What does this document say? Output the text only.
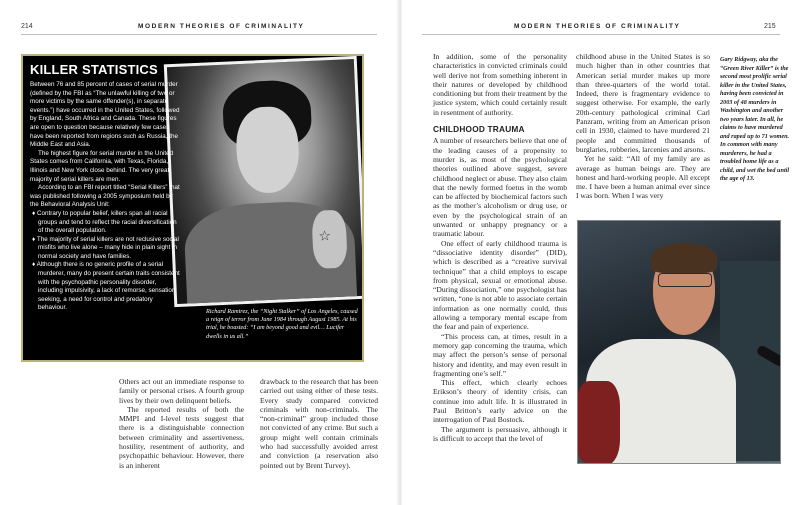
214	MODERN THEORIES OF CRIMINALITY
☆
KILLER STATISTICS

Between 76 and 85 percent of cases of serial murder (defined by the FBI as “The unlawful killing of two or more victims by the same offender(s), in separate events.”) have occurred in the United States, followed by England, South Africa and Canada. These figures are open to question because relatively few cases have been reported from regions such as Russia, the Middle East and Asia.

The highest figure for serial murder in the United States comes from California, with Texas, Florida, Illinois and New York close behind. The very great majority of serial killers are men.

According to an FBI report titled “Serial Killers” that was published following a 2005 symposium held by the Behavioral Analysis Unit:

♦ Contrary to popular belief, killers span all racial groups and tend to reflect the racial diversification of the overall population.

♦ The majority of serial killers are not reclusive social misfits who live alone – many hide in plain sight in normal society and have families.

♦ Although there is no generic profile of a serial murderer, many do present certain traits consistent with the psychopathic personality disorder, including impulsivity, a lack of remorse, sensation seeking, a need for control and predatory behaviour.

Richard Ramirez, the “Night Stalker” of Los Angeles, caused a reign of terror from June 1984 through August 1985. At his trial, he boasted: “I am beyond good and evil… Lucifer dwells in us all.”

Others act out an immediate response to family or personal crises. A fourth group lives by their own delinquent beliefs.

The reported results of both the MMPI and I-level tests suggest that there is a distinguishable connection between criminality and assertiveness, hostility, resentment of authority, and psychopathic behaviour. However, there is an inherent

drawback to the research that has been carried out using either of these tests. Every study compared convicted criminals with non-criminals. The “non-criminal” group included those not convicted of any crime. But such a group might well contain criminals who had successfully avoided arrest and conviction (a reservation also pointed out by Brent Turvey).

MODERN THEORIES OF CRIMINALITY	215

In addition, some of the personality characteristics in convicted criminals could well derive not from something inherent in their natures or developed by childhood conditioning but from their treatment by the justice system, which could certainly result in resentment of authority.

CHILDHOOD TRAUMA

A number of researchers believe that one of the leading causes of a propensity to murder is, as most of the psychological theories outlined above suggest, severe childhood neglect or abuse. They also claim that the newly formed foetus in the womb can be affected by biochemical factors such as the mother’s alcoholism or drug use, or even by the psychological strain of an unwanted or unhappy pregnancy or a traumatic labour.

One effect of early childhood trauma is “dissociative identity disorder” (DID), which is described as a “creative survival technique” that a child employs to escape from physical, sexual or emotional abuse. “During dissociation,” one psychologist has written, “one is not able to associate certain information as one normally could, thus allowing a temporary mental escape from the fear and pain of experience.

“This process can, at times, result in a memory gap concerning the trauma, which may affect the person’s sense of personal history and identity, and may even result in fragmenting one’s self.”

This effect, which clearly echoes Erikson’s theory of identity crisis, can continue into adult life. It is illustrated in Paul Britton’s early advice on the interrogation of Paul Bostock.

The argument is persuasive, although it is difficult to accept that the level of

childhood abuse in the United States is so much higher than in other countries that American serial murder makes up more than three-quarters of the world total. Indeed, there is fragmentary evidence to suggest otherwise. For example, the early 20th-century pathological criminal Carl Panzram, writing from an American prison cell in 1930, claimed to have murdered 21 people and committed thousands of burglaries, robberies, larcenies and arsons.

Yet he said: “All of my family are as average as human beings are. They are honest and hard-working people. All except me. I have been a human animal ever since I was born. When I was very

Gary Ridgway, aka the “Green River Killer” is the second most prolific serial killer in the United States, having been convicted in 2003 of 48 murders in Washington and another two years later. In all, he claims to have murdered and raped up to 71 women. In common with many murderers, he had a troubled home life as a child, and wet the bed until the age of 13.
